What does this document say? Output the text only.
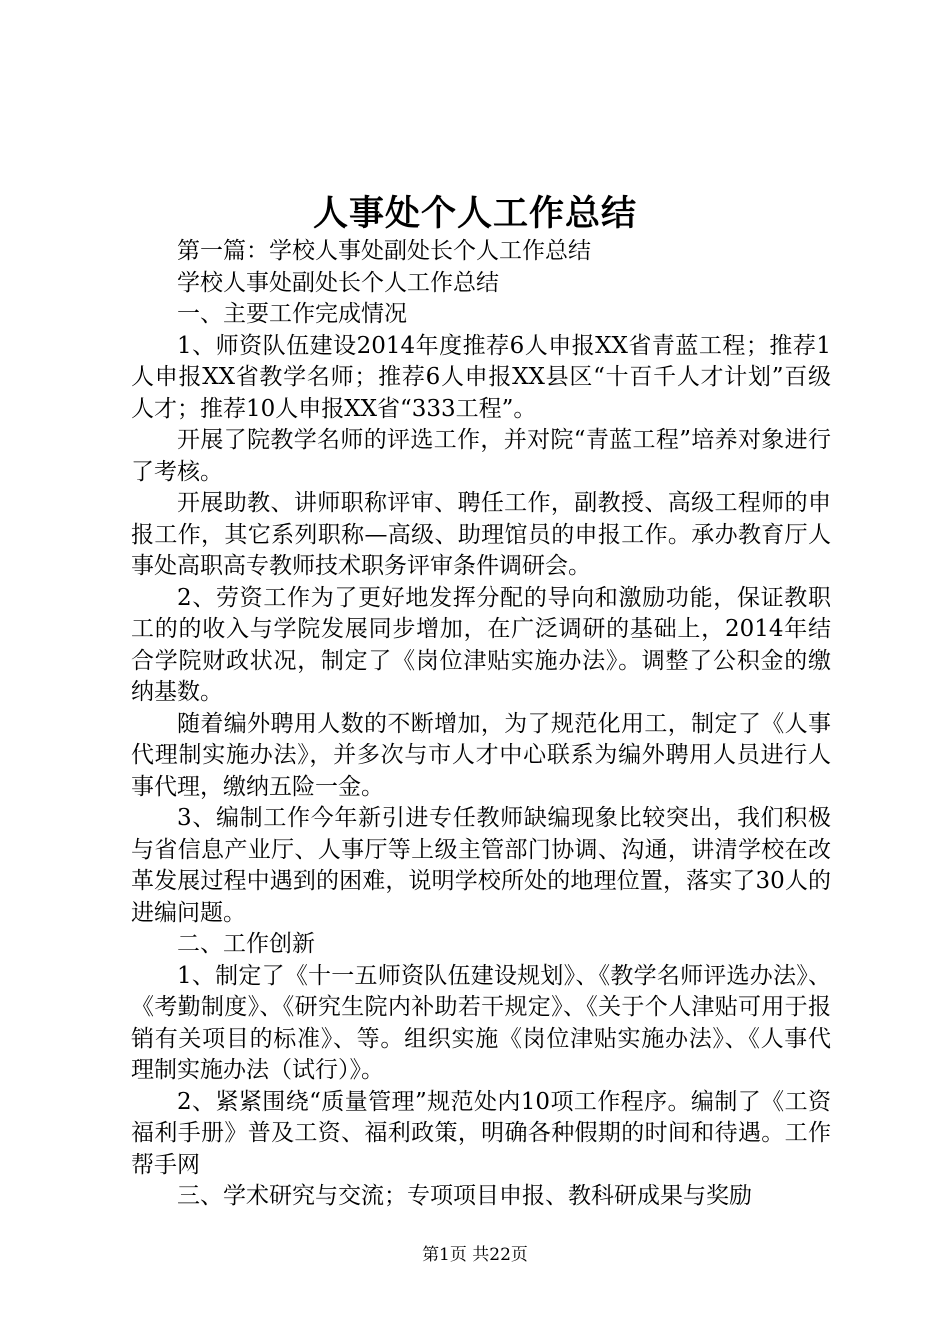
人事处个人工作总结

第一篇：学校人事处副处长个人工作总结

学校人事处副处长个人工作总结

一、主要工作完成情况

1、师资队伍建设2014年度推荐6人申报XX省青蓝工程；推荐1人申报XX省教学名师；推荐6人申报XX县区“十百千人才计划”百级人才；推荐10人申报XX省“333工程”。

开展了院教学名师的评选工作，并对院“青蓝工程”培养对象进行了考核。

开展助教、讲师职称评审、聘任工作，副教授、高级工程师的申报工作，其它系列职称—高级、助理馆员的申报工作。承办教育厅人事处高职高专教师技术职务评审条件调研会。

2、劳资工作为了更好地发挥分配的导向和激励功能，保证教职工的的收入与学院发展同步增加，在广泛调研的基础上，2014年结合学院财政状况，制定了《岗位津贴实施办法》。调整了公积金的缴纳基数。

随着编外聘用人数的不断增加，为了规范化用工，制定了《人事代理制实施办法》，并多次与市人才中心联系为编外聘用人员进行人事代理，缴纳五险一金。

3、编制工作今年新引进专任教师缺编现象比较突出，我们积极与省信息产业厅、人事厅等上级主管部门协调、沟通，讲清学校在改革发展过程中遇到的困难，说明学校所处的地理位置，落实了30人的进编问题。

二、工作创新

1、制定了《十一五师资队伍建设规划》、《教学名师评选办法》、《考勤制度》、《研究生院内补助若干规定》、《关于个人津贴可用于报销有关项目的标准》、等。组织实施《岗位津贴实施办法》、《人事代理制实施办法（试行）》。

2、紧紧围绕“质量管理”规范处内10项工作程序。编制了《工资福利手册》普及工资、福利政策，明确各种假期的时间和待遇。工作帮手网

三、学术研究与交流；专项项目申报、教科研成果与奖励

第1页 共22页
